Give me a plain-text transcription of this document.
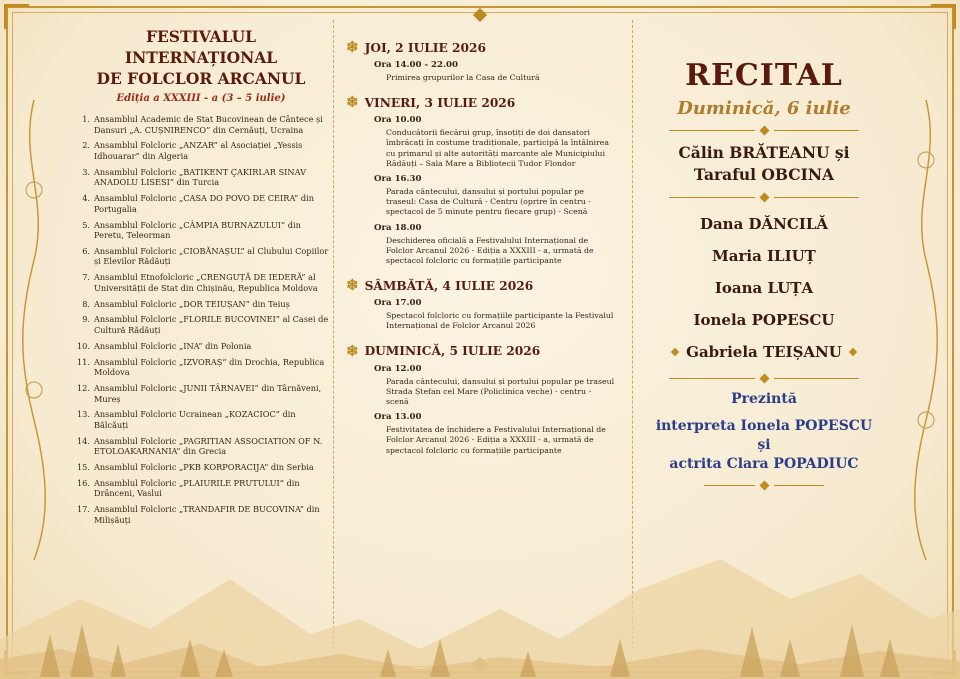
FESTIVALUL INTERNAȚIONAL

DE FOLCLOR ARCANUL

Ediția a XXXIII - a (3 – 5 iulie)

1. Ansamblul Academic de Stat Bucovinean de Cântece și Dansuri „A. CUȘNIRENCO” din Cernăuți, Ucraina
2. Ansamblul Folcloric „ANZAR” al Asociației „Yessis Idhouarar” din Algeria
3. Ansamblul Folcloric „BATIKENT ÇAKIRLAR SINAV ANADOLU LISESI” din Turcia
4. Ansamblul Folcloric „CASA DO POVO DE CEIRA” din Portugalia
5. Ansamblul Folcloric „CÂMPIA BURNAZULUI” din Peretu, Teleorman
6. Ansamblul Folcloric „CIOBĂNAȘUL” al Clubului Copiilor și Elevilor Rădăuți
7. Ansamblul Etnofolcloric „CRENGUȚĂ DE IEDERĂ” al Universității de Stat din Chișinău, Republica Moldova
8. Ansamblul Folcloric „DOR TEIUȘAN” din Teiuș
9. Ansamblul Folcloric „FLORILE BUCOVINEI” al Casei de Cultură Rădăuți
10. Ansamblul Folcloric „INA” din Polonia
11. Ansamblul Folcloric „IZVORAȘ” din Drochia, Republica Moldova
12. Ansamblul Folcloric „JUNII TÂRNAVEI” din Târnăveni, Mureș
13. Ansamblul Folcloric Ucrainean „KOZACIOC” din Bălcăuți
14. Ansamblul Folcloric „PAGRITIAN ASSOCIATION OF N. ETOLOAKARNANIA” din Grecia
15. Ansamblul Folcloric „PKB KORPORACIJA” din Serbia
16. Ansamblul Folcloric „PLAIURILE PRUTULUI” din Drânceni, Vaslui
17. Ansamblul Folcloric „TRANDAFIR DE BUCOVINA” din Milișăuți
❄ JOI, 2 IULIE 2026
Ora 14.00 - 22.00
Primirea grupurilor la Casa de Cultură
❄ VINERI, 3 IULIE 2026
Ora 10.00
Conducătorii fiecărui grup, însoțiți de doi dansatori îmbrăcați în costume tradiționale, participă la întâlnirea cu primarul și alte autorități marcante ale Municipiului Rădăuți – Sala Mare a Bibliotecii Tudor Flondor
Ora 16.30
Parada cântecului, dansului și portului popular pe traseul: Casa de Cultură - Centru (oprire în centru - spectacol de 5 minute pentru fiecare grup) - Scenă
Ora 18.00
Deschiderea oficială a Festivalului Internațional de Folclor Arcanul 2026 - Ediția a XXXIII - a, urmată de spectacol folcloric cu formațiile participante
❄ SÂMBĂTĂ, 4 IULIE 2026
Ora 17.00
Spectacol folcloric cu formațiile participante la Festivalul Internațional de Folclor Arcanul 2026
❄ DUMINICĂ, 5 IULIE 2026
Ora 12.00
Parada cântecului, dansului și portului popular pe traseul Strada Ștefan cel Mare (Policlinica veche) - centru - scenă
Ora 13.00
Festivitatea de închidere a Festivalului Internațional de Folclor Arcanul 2026 - Ediția a XXXIII - a, urmată de spectacol folcloric cu formațiile participante
RECITAL
Duminică, 6 iulie
Călin BRĂTEANU și
Taraful OBCINA
Dana DĂNCILĂ
Maria ILIUȚ
Ioana LUȚA
Ionela POPESCU
Gabriela TEIȘANU
Prezintă
interpreta Ionela POPESCU
și
actrita Clara POPADIUC
